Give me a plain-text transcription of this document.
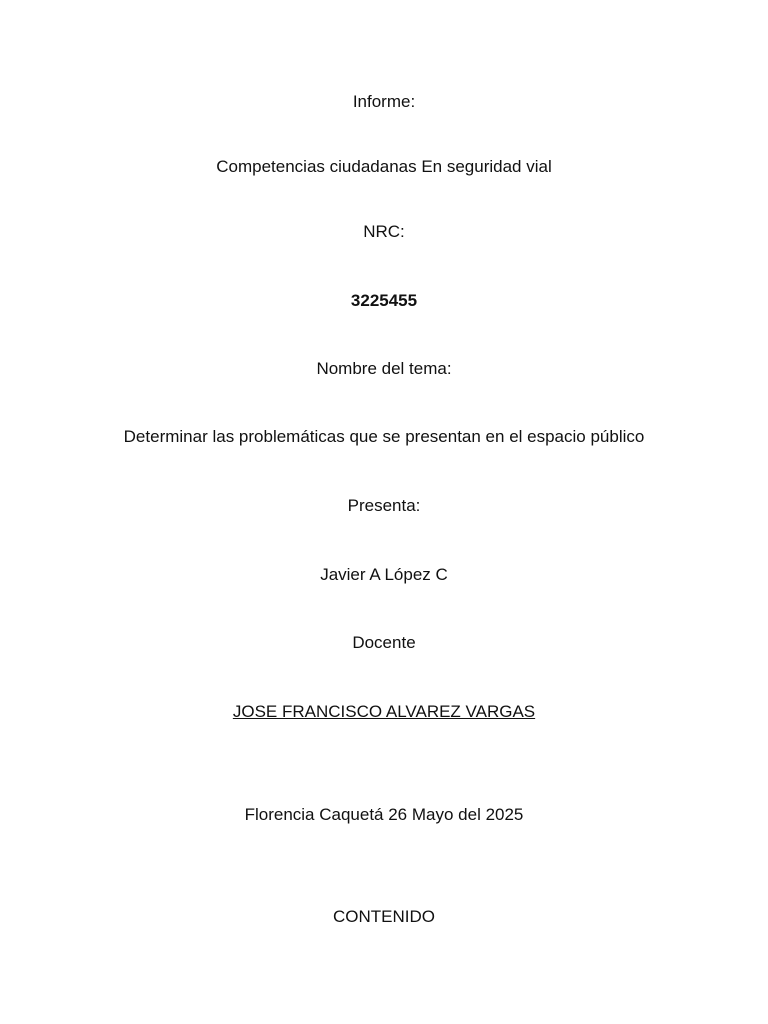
Informe:
Competencias ciudadanas En seguridad vial
NRC:
3225455
Nombre del tema:
Determinar las problemáticas que se presentan en el espacio público
Presenta:
Javier A López C
Docente
JOSE FRANCISCO ALVAREZ VARGAS
Florencia Caquetá 26 Mayo del 2025
CONTENIDO
